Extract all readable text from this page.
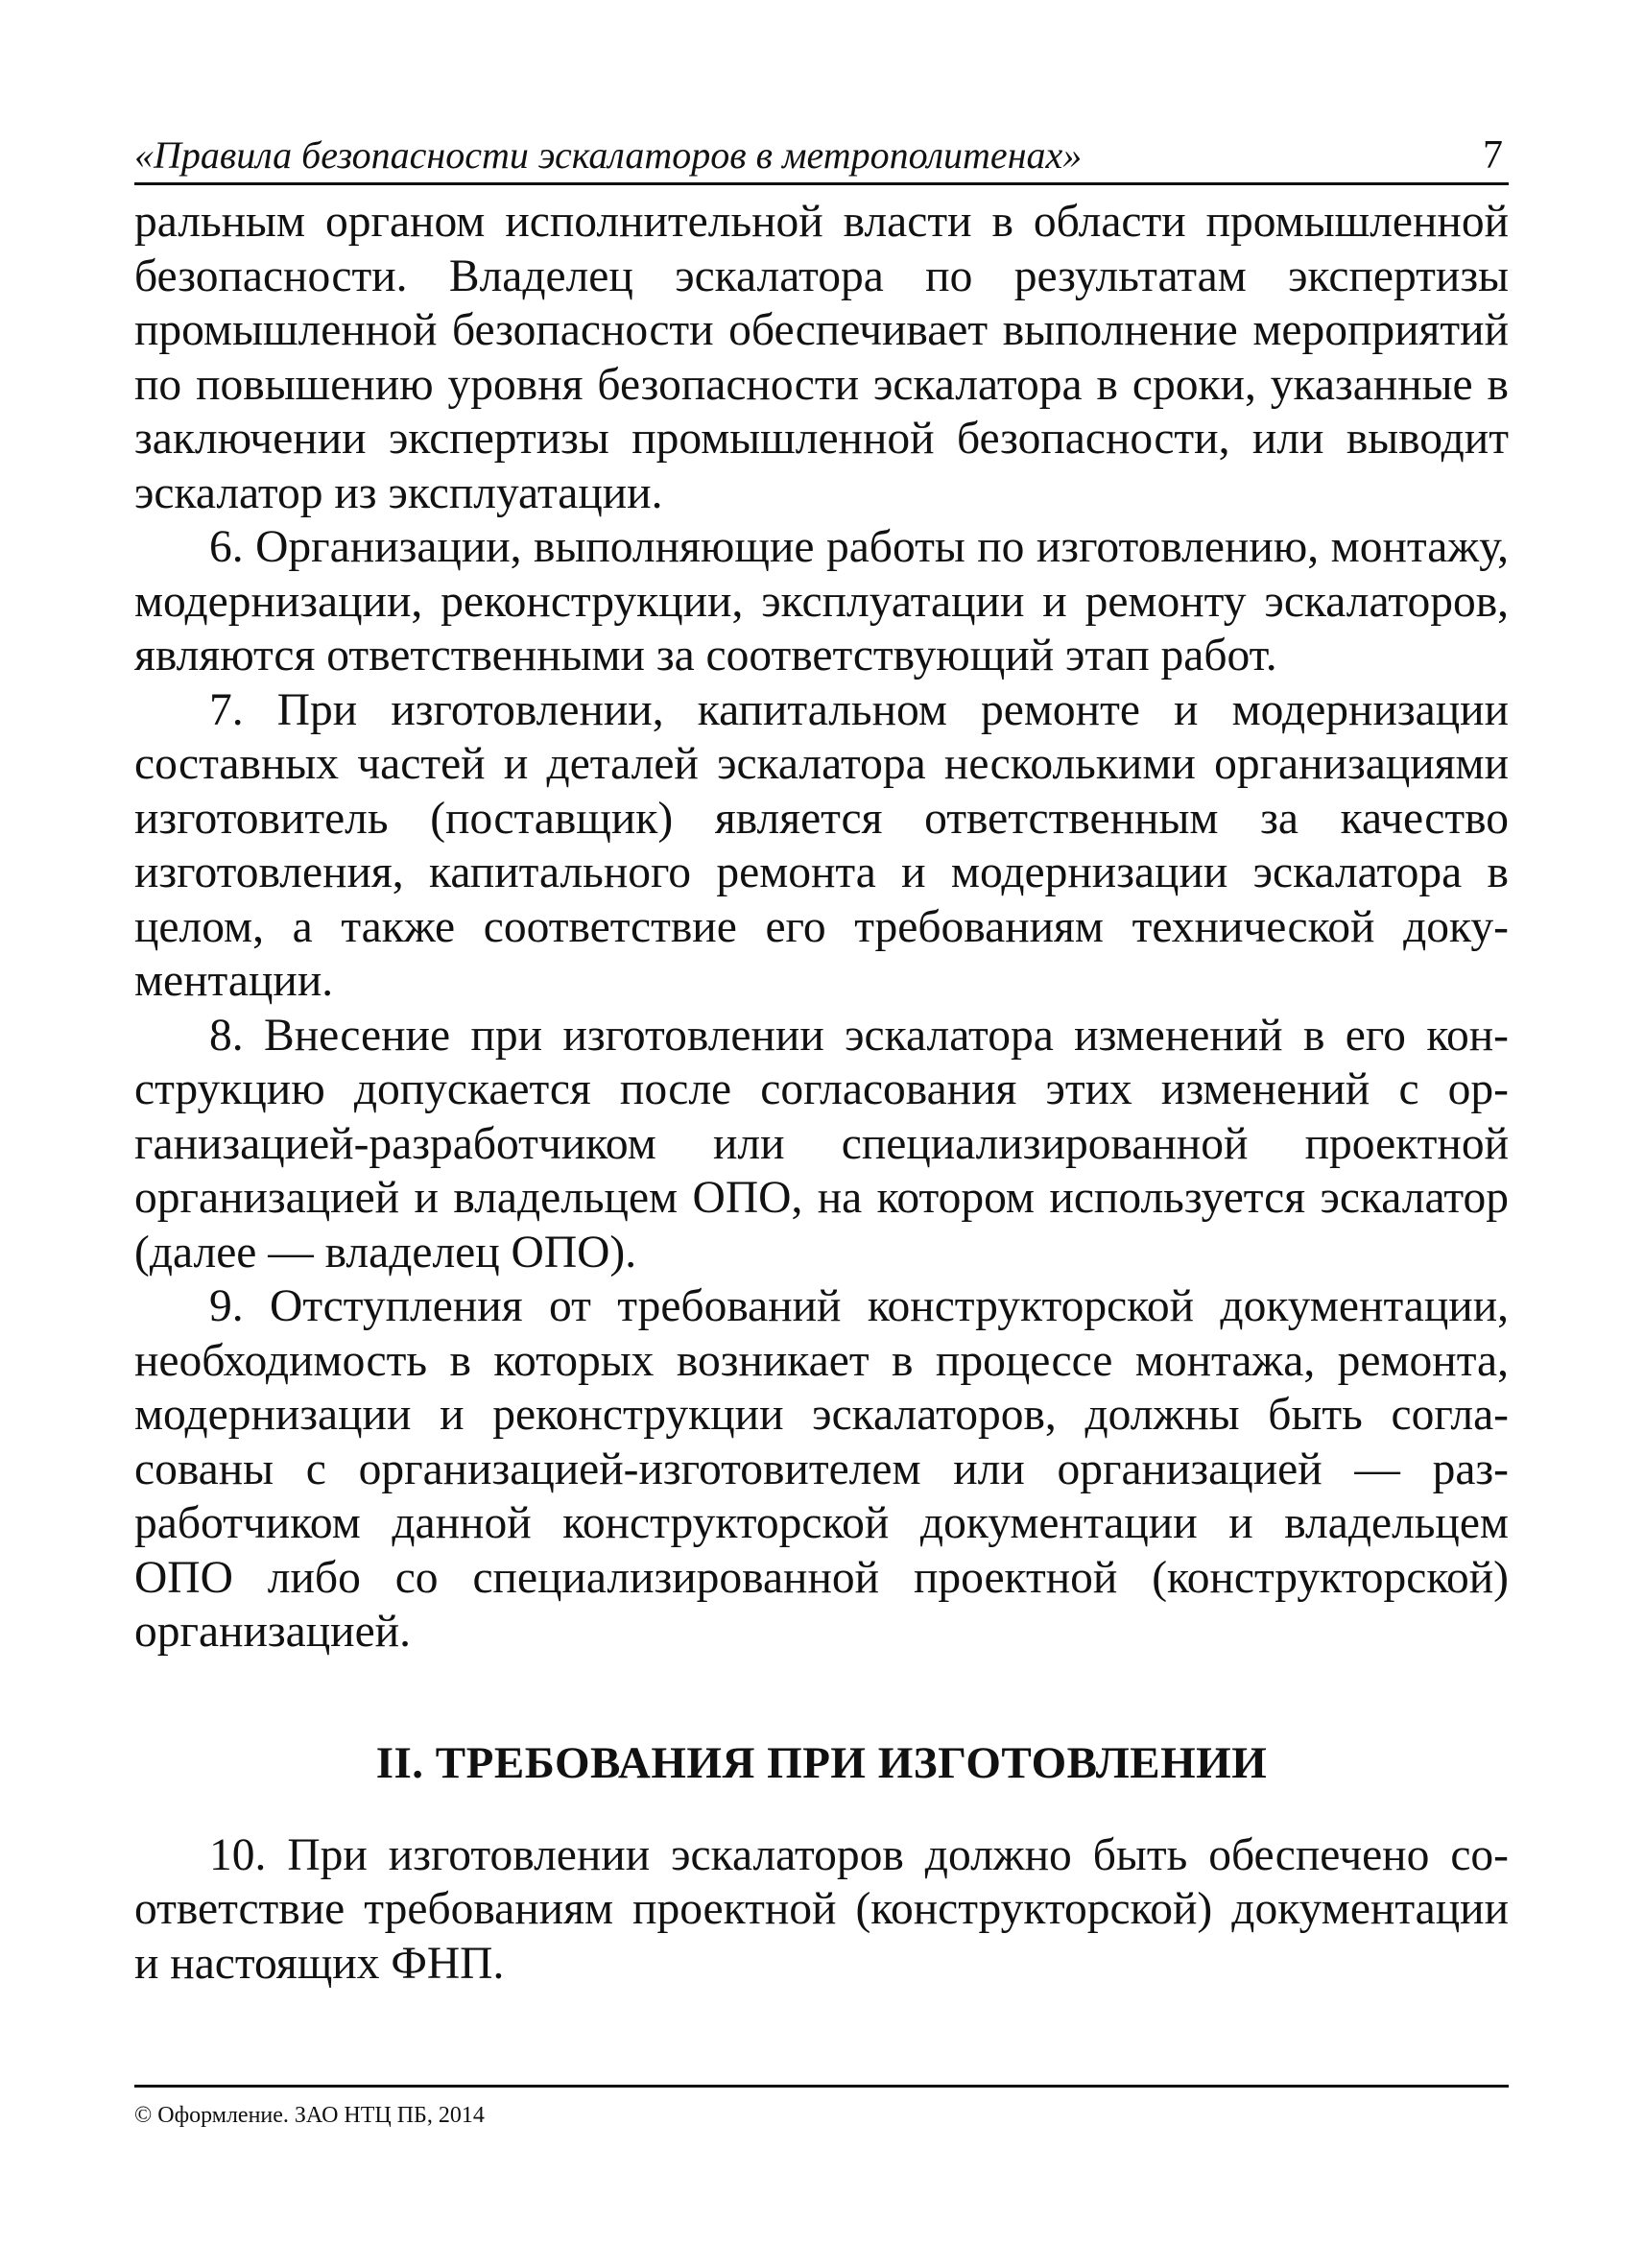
«Правила безопасности эскалаторов в метрополитенах»	7

ральным органом исполнительной власти в области промышленной безопасности. Владелец эскалатора по результатам экспертизы промышленной безопасности обеспечивает выполнение мероприятий по повышению уровня безопасности эскалатора в сроки, указанные в заключении экспертизы промышленной безопасности, или выводит эскалатор из эксплуатации.

6. Организации, выполняющие работы по изготовлению, монтажу, модернизации, реконструкции, эксплуатации и ремонту эскалаторов, являются ответственными за соответствующий этап работ.

7. При изготовлении, капитальном ремонте и модернизации составных частей и деталей эскалатора несколькими организациями изготовитель (поставщик) является ответственным за качество изготовления, капитального ремонта и модернизации эскалатора в целом, а также соответствие его требованиям технической документации.

8. Внесение при изготовлении эскалатора изменений в его конструкцию допускается после согласования этих изменений с организацией-разработчиком или специализированной проектной организацией и владельцем ОПО, на котором используется эскалатор (далее — владелец ОПО).

9. Отступления от требований конструкторской документации, необходимость в которых возникает в процессе монтажа, ремонта, модернизации и реконструкции эскалаторов, должны быть согласованы с организацией-изготовителем или организацией — разработчиком данной конструкторской документации и владельцем ОПО либо со специализированной проектной (конструкторской) организацией.

II. ТРЕБОВАНИЯ ПРИ ИЗГОТОВЛЕНИИ

10. При изготовлении эскалаторов должно быть обеспечено соответствие требованиям проектной (конструкторской) документации и настоящих ФНП.

© Оформление. ЗАО НТЦ ПБ, 2014
